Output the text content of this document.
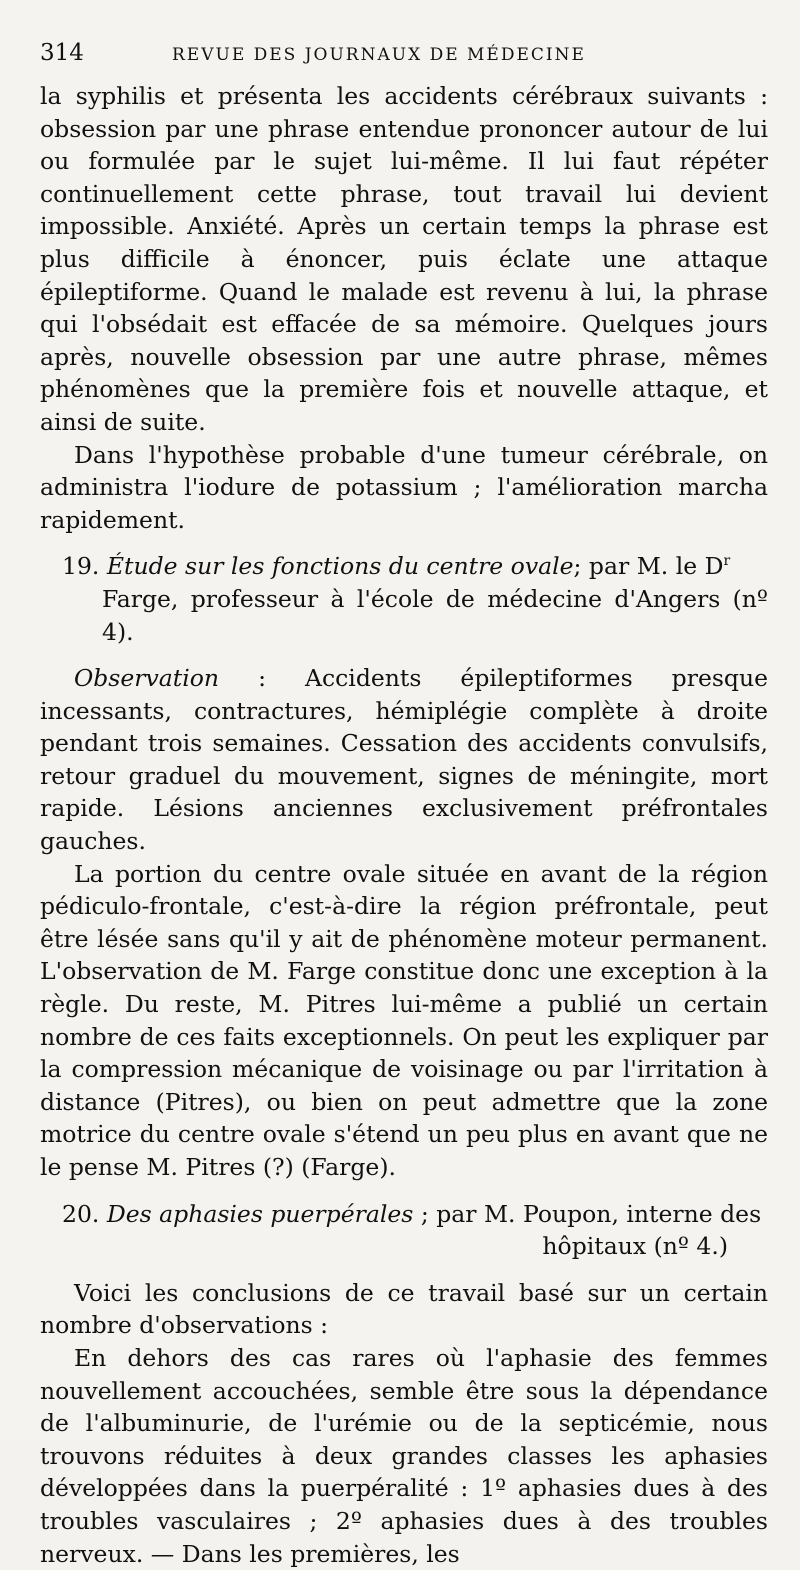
314	REVUE DES JOURNAUX DE MÉDECINE

la syphilis et présenta les accidents cérébraux suivants : obsession par une phrase entendue prononcer autour de lui ou formulée par le sujet lui-même. Il lui faut répéter continuellement cette phrase, tout travail lui devient impossible. Anxiété. Après un certain temps la phrase est plus difficile à énoncer, puis éclate une attaque épileptiforme. Quand le malade est revenu à lui, la phrase qui l'obsédait est effacée de sa mémoire. Quelques jours après, nouvelle obsession par une autre phrase, mêmes phénomènes que la première fois et nouvelle attaque, et ainsi de suite.

Dans l'hypothèse probable d'une tumeur cérébrale, on administra l'iodure de potassium ; l'amélioration marcha rapidement.

19. Étude sur les fonctions du centre ovale; par M. le $D^r$

Farge, professeur à l'école de médecine d'Angers (nº 4).

Observation : Accidents épileptiformes presque incessants, contractures, hémiplégie complète à droite pendant trois semaines. Cessation des accidents convulsifs, retour graduel du mouvement, signes de méningite, mort rapide. Lésions anciennes exclusivement préfrontales gauches.

La portion du centre ovale située en avant de la région pédiculo-frontale, c'est-à-dire la région préfrontale, peut être lésée sans qu'il y ait de phénomène moteur permanent. L'observation de M. Farge constitue donc une exception à la règle. Du reste, M. Pitres lui-même a publié un certain nombre de ces faits exceptionnels. On peut les expliquer par la compression mécanique de voisinage ou par l'irritation à distance (Pitres), ou bien on peut admettre que la zone motrice du centre ovale s'étend un peu plus en avant que ne le pense M. Pitres (?) (Farge).

20. Des aphasies puerpérales ; par M. Poupon, interne des

hôpitaux (nº 4.)

Voici les conclusions de ce travail basé sur un certain nombre d'observations :

En dehors des cas rares où l'aphasie des femmes nouvellement accouchées, semble être sous la dépendance de l'albuminurie, de l'urémie ou de la septicémie, nous trouvons réduites à deux grandes classes les aphasies développées dans la puerpéralité : 1º aphasies dues à des troubles vasculaires ; 2º aphasies dues à des troubles nerveux. — Dans les premières, les
